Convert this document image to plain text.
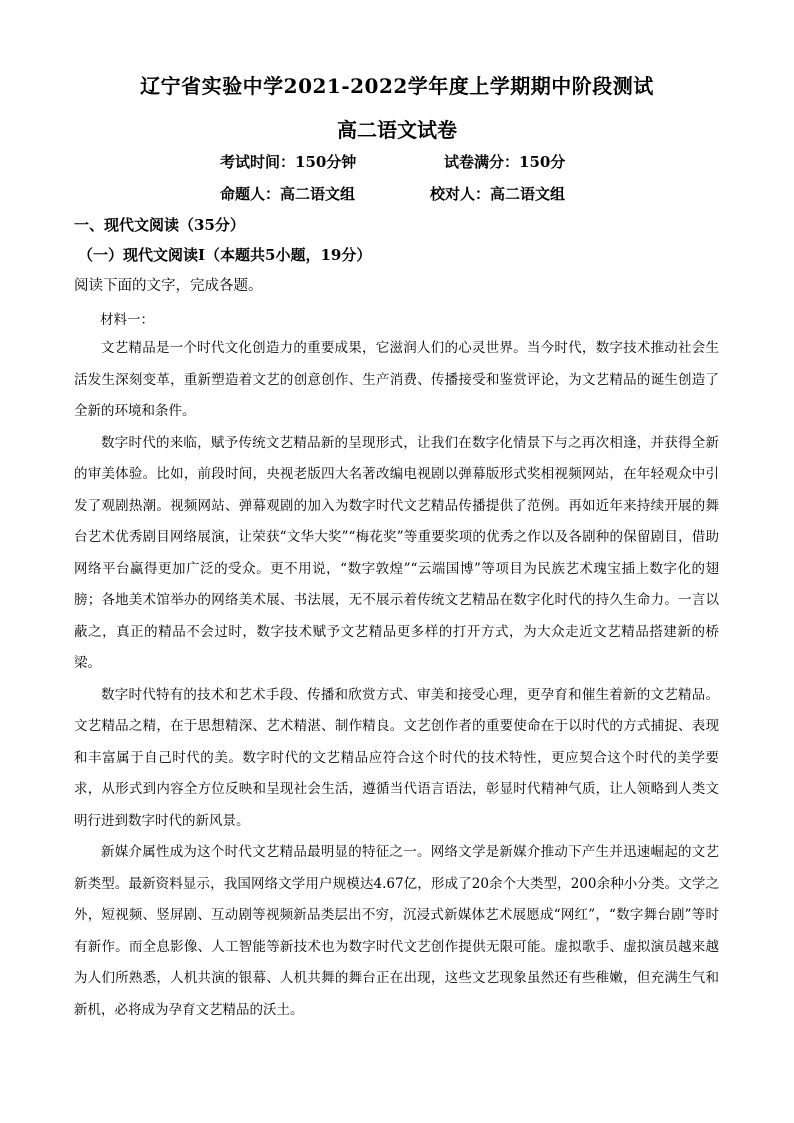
辽宁省实验中学2021-2022学年度上学期期中阶段测试
高二语文试卷
考试时间：150分钟	试卷满分：150分
命题人：高二语文组	校对人：高二语文组
一、现代文阅读（35分）
（一）现代文阅读Ⅰ（本题共5小题，19分）
阅读下面的文字，完成各题。
材料一：

文艺精品是一个时代文化创造力的重要成果，它滋润人们的心灵世界。当今时代，数字技术推动社会生活发生深刻变革，重新塑造着文艺的创意创作、生产消费、传播接受和鉴赏评论，为文艺精品的诞生创造了全新的环境和条件。

数字时代的来临，赋予传统文艺精品新的呈现形式，让我们在数字化情景下与之再次相逢，并获得全新的审美体验。比如，前段时间，央视老版四大名著改编电视剧以弹幕版形式奖相视频网站，在年轻观众中引发了观剧热潮。视频网站、弹幕观剧的加入为数字时代文艺精品传播提供了范例。再如近年来持续开展的舞台艺术优秀剧目网络展演，让荣获“文华大奖”“梅花奖”等重要奖项的优秀之作以及各剧种的保留剧目，借助网络平台赢得更加广泛的受众。更不用说，“数字敦煌”“云端国博”等项目为民族艺术瑰宝插上数字化的翅膀；各地美术馆举办的网络美术展、书法展，无不展示着传统文艺精品在数字化时代的持久生命力。一言以蔽之，真正的精品不会过时，数字技术赋予文艺精品更多样的打开方式，为大众走近文艺精品搭建新的桥梁。

数字时代特有的技术和艺术手段、传播和欣赏方式、审美和接受心理，更孕育和催生着新的文艺精品。文艺精品之精，在于思想精深、艺术精湛、制作精良。文艺创作者的重要使命在于以时代的方式捕捉、表现和丰富属于自己时代的美。数字时代的文艺精品应符合这个时代的技术特性，更应契合这个时代的美学要求，从形式到内容全方位反映和呈现社会生活，遵循当代语言语法，彰显时代精神气质，让人领略到人类文明行进到数字时代的新风景。

新媒介属性成为这个时代文艺精品最明显的特征之一。网络文学是新媒介推动下产生并迅速崛起的文艺新类型。最新资料显示，我国网络文学用户规模达4.67亿，形成了20余个大类型，200余种小分类。文学之外，短视频、竖屏剧、互动剧等视频新品类层出不穷，沉浸式新媒体艺术展愿成“网红”，“数字舞台剧”等时有新作。而全息影像、人工智能等新技术也为数字时代文艺创作提供无限可能。虚拟歌手、虚拟演员越来越为人们所熟悉，人机共演的银幕、人机共舞的舞台正在出现，这些文艺现象虽然还有些稚嫩，但充满生气和新机，必将成为孕育文艺精品的沃土。
